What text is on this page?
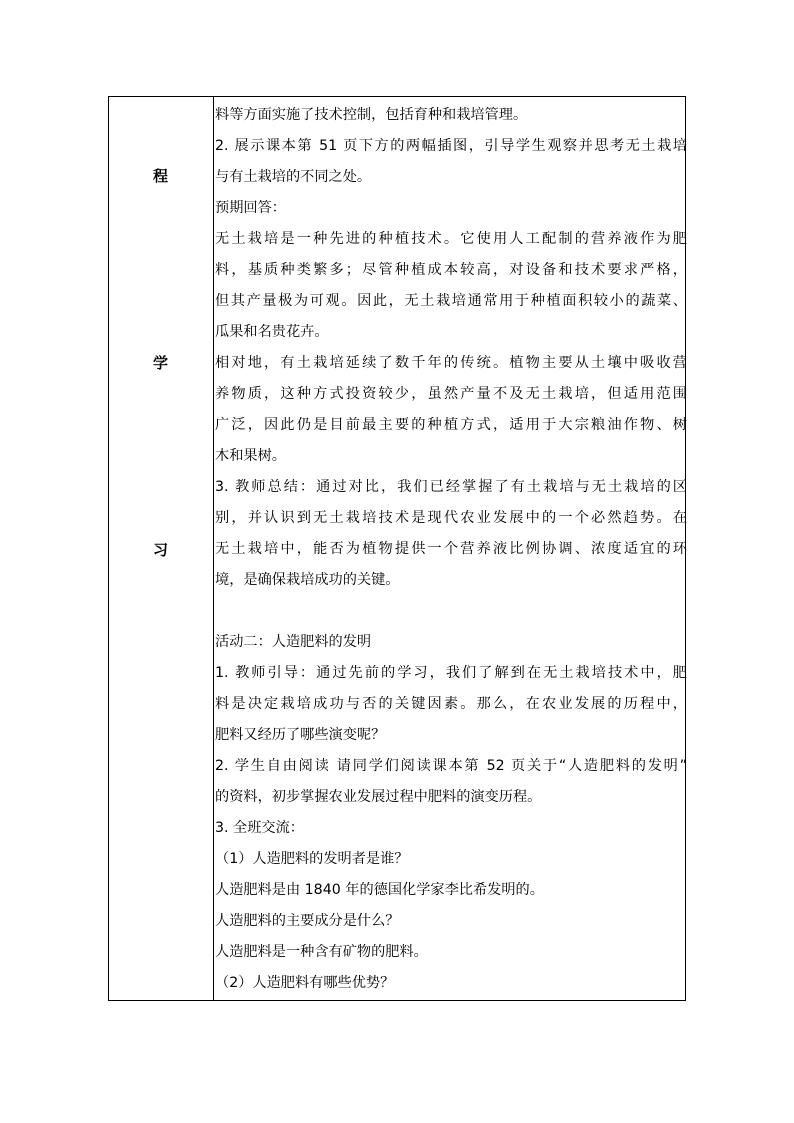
程
学
习
料等方面实施了技术控制，包括育种和栽培管理。
2. 展示课本第 51 页下方的两幅插图，引导学生观察并思考无土栽培
与有土栽培的不同之处。
预期回答：
无土栽培是一种先进的种植技术。它使用人工配制的营养液作为肥
料，基质种类繁多；尽管种植成本较高，对设备和技术要求严格，
但其产量极为可观。因此，无土栽培通常用于种植面积较小的蔬菜、
瓜果和名贵花卉。
相对地，有土栽培延续了数千年的传统。植物主要从土壤中吸收营
养物质，这种方式投资较少，虽然产量不及无土栽培，但适用范围
广泛，因此仍是目前最主要的种植方式，适用于大宗粮油作物、树
木和果树。
3. 教师总结：通过对比，我们已经掌握了有土栽培与无土栽培的区
别，并认识到无土栽培技术是现代农业发展中的一个必然趋势。在
无土栽培中，能否为植物提供一个营养液比例协调、浓度适宜的环
境，是确保栽培成功的关键。
活动二：人造肥料的发明
1. 教师引导：通过先前的学习，我们了解到在无土栽培技术中，肥
料是决定栽培成功与否的关键因素。那么，在农业发展的历程中，
肥料又经历了哪些演变呢？
2. 学生自由阅读 请同学们阅读课本第 52 页关于“人造肥料的发明”
的资料，初步掌握农业发展过程中肥料的演变历程。
3. 全班交流：
（1）人造肥料的发明者是谁？
人造肥料是由 1840 年的德国化学家李比希发明的。
人造肥料的主要成分是什么？
人造肥料是一种含有矿物的肥料。
（2）人造肥料有哪些优势？
